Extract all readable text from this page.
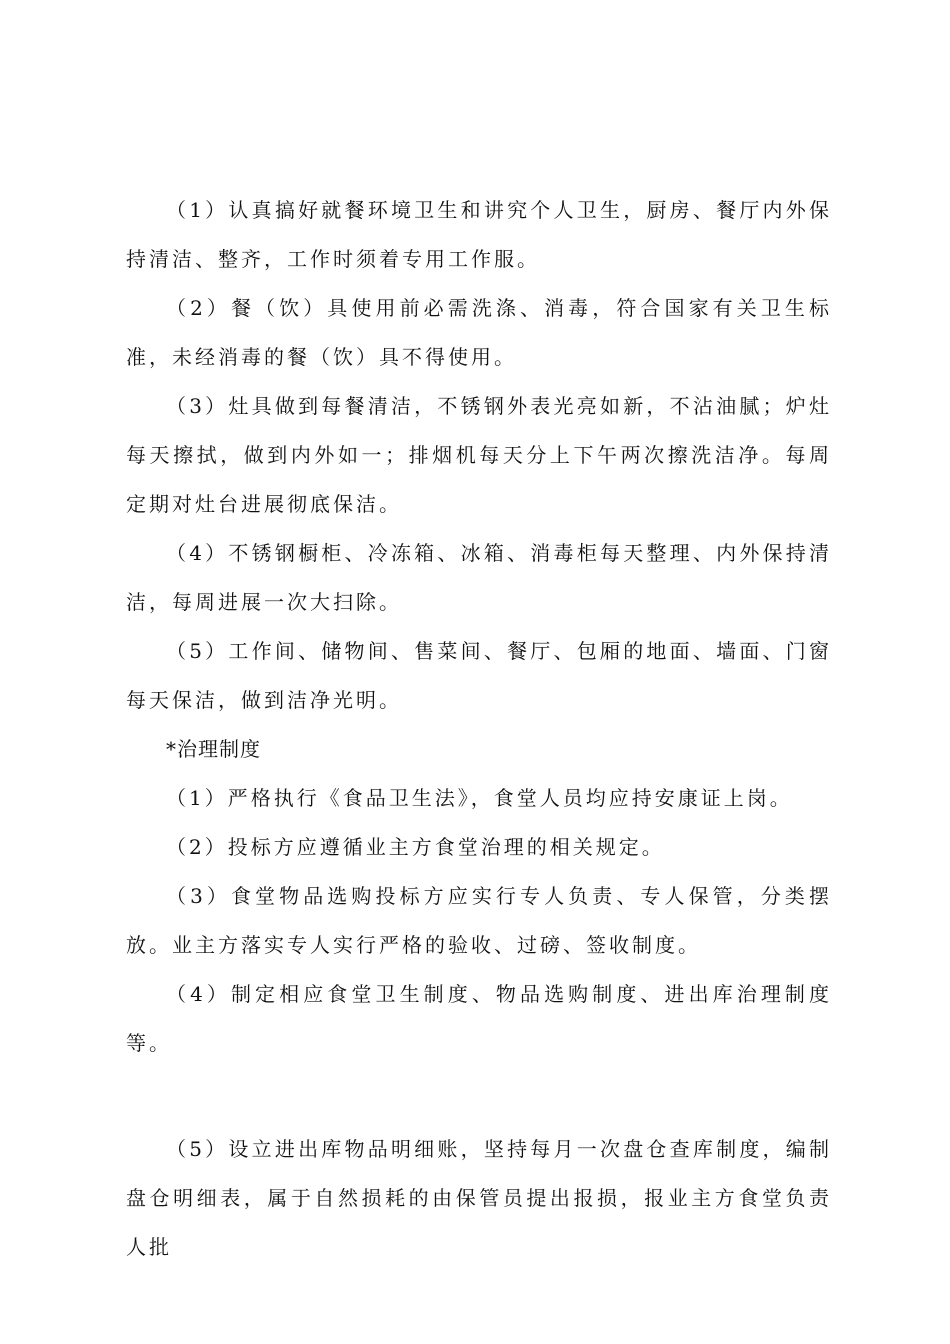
（1）认真搞好就餐环境卫生和讲究个人卫生，厨房、餐厅内外保持清洁、整齐，工作时须着专用工作服。

（2）餐（饮）具使用前必需洗涤、消毒，符合国家有关卫生标准，未经消毒的餐（饮）具不得使用。

（3）灶具做到每餐清洁，不锈钢外表光亮如新，不沾油腻；炉灶每天擦拭，做到内外如一；排烟机每天分上下午两次擦洗洁净。每周定期对灶台进展彻底保洁。

（4）不锈钢橱柜、冷冻箱、冰箱、消毒柜每天整理、内外保持清洁，每周进展一次大扫除。

（5）工作间、储物间、售菜间、餐厅、包厢的地面、墙面、门窗每天保洁，做到洁净光明。

*治理制度

（1）严格执行《食品卫生法》，食堂人员均应持安康证上岗。

（2）投标方应遵循业主方食堂治理的相关规定。

（3）食堂物品选购投标方应实行专人负责、专人保管，分类摆放。业主方落实专人实行严格的验收、过磅、签收制度。

（4）制定相应食堂卫生制度、物品选购制度、进出库治理制度等。

（5）设立进出库物品明细账，坚持每月一次盘仓查库制度，编制盘仓明细表，属于自然损耗的由保管员提出报损，报业主方食堂负责人批
